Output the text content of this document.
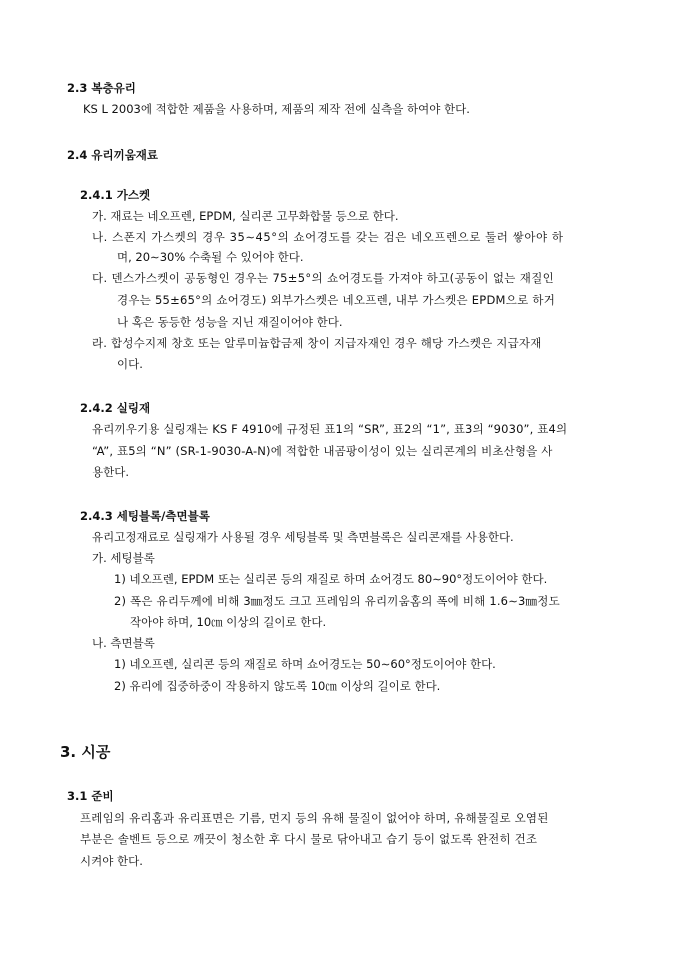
2.3 복층유리
KS L 2003에 적합한 제품을 사용하며, 제품의 제작 전에 실측을 하여야 한다.
2.4 유리끼움재료
2.4.1 가스켓
가. 재료는 네오프렌, EPDM, 실리콘 고무화합물 등으로 한다.
나. 스폰지 가스켓의 경우 35∼45°의 쇼어경도를 갖는 검은 네오프렌으로 둘러 쌓아야 하
며, 20∼30% 수축될 수 있어야 한다.
다. 덴스가스켓이 공동형인 경우는 75±5°의 쇼어경도를 가져야 하고(공동이 없는 재질인
경우는 55±65°의 쇼어경도) 외부가스켓은 네오프렌, 내부 가스켓은 EPDM으로 하거
나 혹은 동등한 성능을 지닌 재질이어야 한다.
라. 합성수지제 창호 또는 알루미늄합금제 창이 지급자재인 경우 해당 가스켓은 지급자재
이다.
2.4.2 실링재
유리끼우기용 실링재는 KS F 4910에 규정된 표1의 “SR”, 표2의 “1”, 표3의 “9030”, 표4의
“A”, 표5의 “N” (SR-1-9030-A-N)에 적합한 내곰팡이성이 있는 실리콘계의 비초산형을 사
용한다.
2.4.3 세팅블록/측면블록
유리고정재료로 실링재가 사용될 경우 세팅블록 및 측면블록은 실리콘재를 사용한다.
가. 세팅블록
1) 네오프렌, EPDM 또는 실리콘 등의 재질로 하며 쇼어경도 80∼90°정도이어야 한다.
2) 폭은 유리두께에 비해 3㎜정도 크고 프레임의 유리끼움홈의 폭에 비해 1.6∼3㎜정도
작아야 하며, 10㎝ 이상의 길이로 한다.
나. 측면블록
1) 네오프렌, 실리콘 등의 재질로 하며 쇼어경도는 50∼60°정도이어야 한다.
2) 유리에 집중하중이 작용하지 않도록 10㎝ 이상의 길이로 한다.
3. 시공
3.1 준비
프레임의 유리홈과 유리표면은 기름, 먼지 등의 유해 물질이 없어야 하며, 유해물질로 오염된
부분은 솔벤트 등으로 깨끗이 청소한 후 다시 물로 닦아내고 습기 등이 없도록 완전히 건조
시켜야 한다.
